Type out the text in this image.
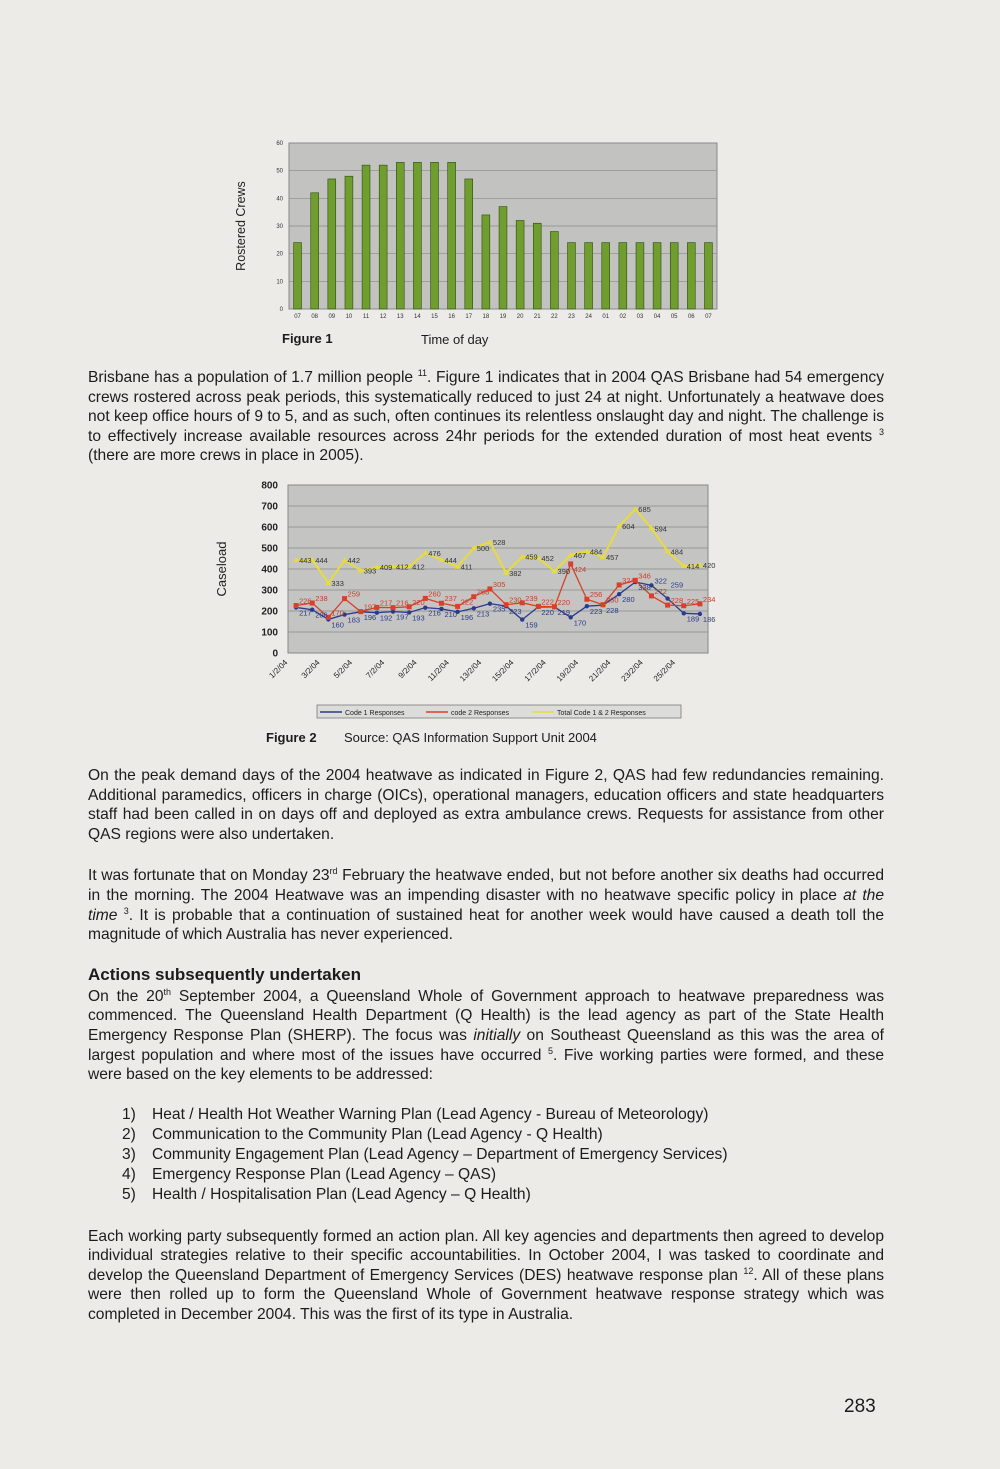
0
10
20
30
40
50
60
07 08 09 10 11 12 13 14 15 16 17 18 19 20 21 22 23 24 01 02 03 04 05 06 07
Rostered Crews
Figure 1	Time of day
Brisbane has a population of 1.7 million people $^{11}$. Figure 1 indicates that in 2004 QAS Brisbane had 54 emergency crews rostered across peak periods, this systematically reduced to just 24 at night. Unfortunately a heatwave does not keep office hours of 9 to 5, and as such, often continues its relentless onslaught day and night. The challenge is to effectively increase available resources across 24hr periods for the extended duration of most heat events $^3$ (there are more crews in place in 2005).
0
100
200
300
400
500
600
700
800
1/2/04 3/2/04 5/2/04 7/2/04 9/2/04 11/2/04 13/2/04 15/2/04 17/2/04 19/2/04 21/2/04 23/2/04 25/2/04
443 444
333
442
393 409 412 412
476
444
411
500
528
382
459 452
390
467 484
457
604
685
594
484
414 420
226 238
170
259
197 217 216 220
260
237 222
268
305
230 239 222 220
424
256
230
324
346
272
228 225 234
217 206
160
183 196 192 197 193
216 210 196 213
235 223
159
220 219
170
223 228
280
338
322 259
189 186
Caseload
Code 1 Responses	code 2 Responses	Total Code 1 & 2 Responses
Figure 2 Source: QAS Information Support Unit 2004
On the peak demand days of the 2004 heatwave as indicated in Figure 2, QAS had few redundancies remaining. Additional paramedics, officers in charge (OICs), operational managers, education officers and state headquarters staff had been called in on days off and deployed as extra ambulance crews. Requests for assistance from other QAS regions were also undertaken.
It was fortunate that on Monday 23rd February the heatwave ended, but not before another six deaths had occurred in the morning. The 2004 Heatwave was an impending disaster with no heatwave specific policy in place at the time $^3$. It is probable that a continuation of sustained heat for another week would have caused a death toll the magnitude of which Australia has never experienced.
Actions subsequently undertaken
On the 20th September 2004, a Queensland Whole of Government approach to heatwave preparedness was commenced. The Queensland Health Department (Q Health) is the lead agency as part of the State Health Emergency Response Plan (SHERP). The focus was initially on Southeast Queensland as this was the area of largest population and where most of the issues have occurred $^5$. Five working parties were formed, and these were based on the key elements to be addressed:
1)	Heat / Health Hot Weather Warning Plan (Lead Agency - Bureau of Meteorology)
2)	Communication to the Community Plan (Lead Agency - Q Health)
3)	Community Engagement Plan (Lead Agency – Department of Emergency Services)
4)	Emergency Response Plan (Lead Agency – QAS)
5)	Health / Hospitalisation Plan (Lead Agency – Q Health)
Each working party subsequently formed an action plan. All key agencies and departments then agreed to develop individual strategies relative to their specific accountabilities. In October 2004, I was tasked to coordinate and develop the Queensland Department of Emergency Services (DES) heatwave response plan $^{12}$. All of these plans were then rolled up to form the Queensland Whole of Government heatwave response strategy which was completed in December 2004. This was the first of its type in Australia.
283
